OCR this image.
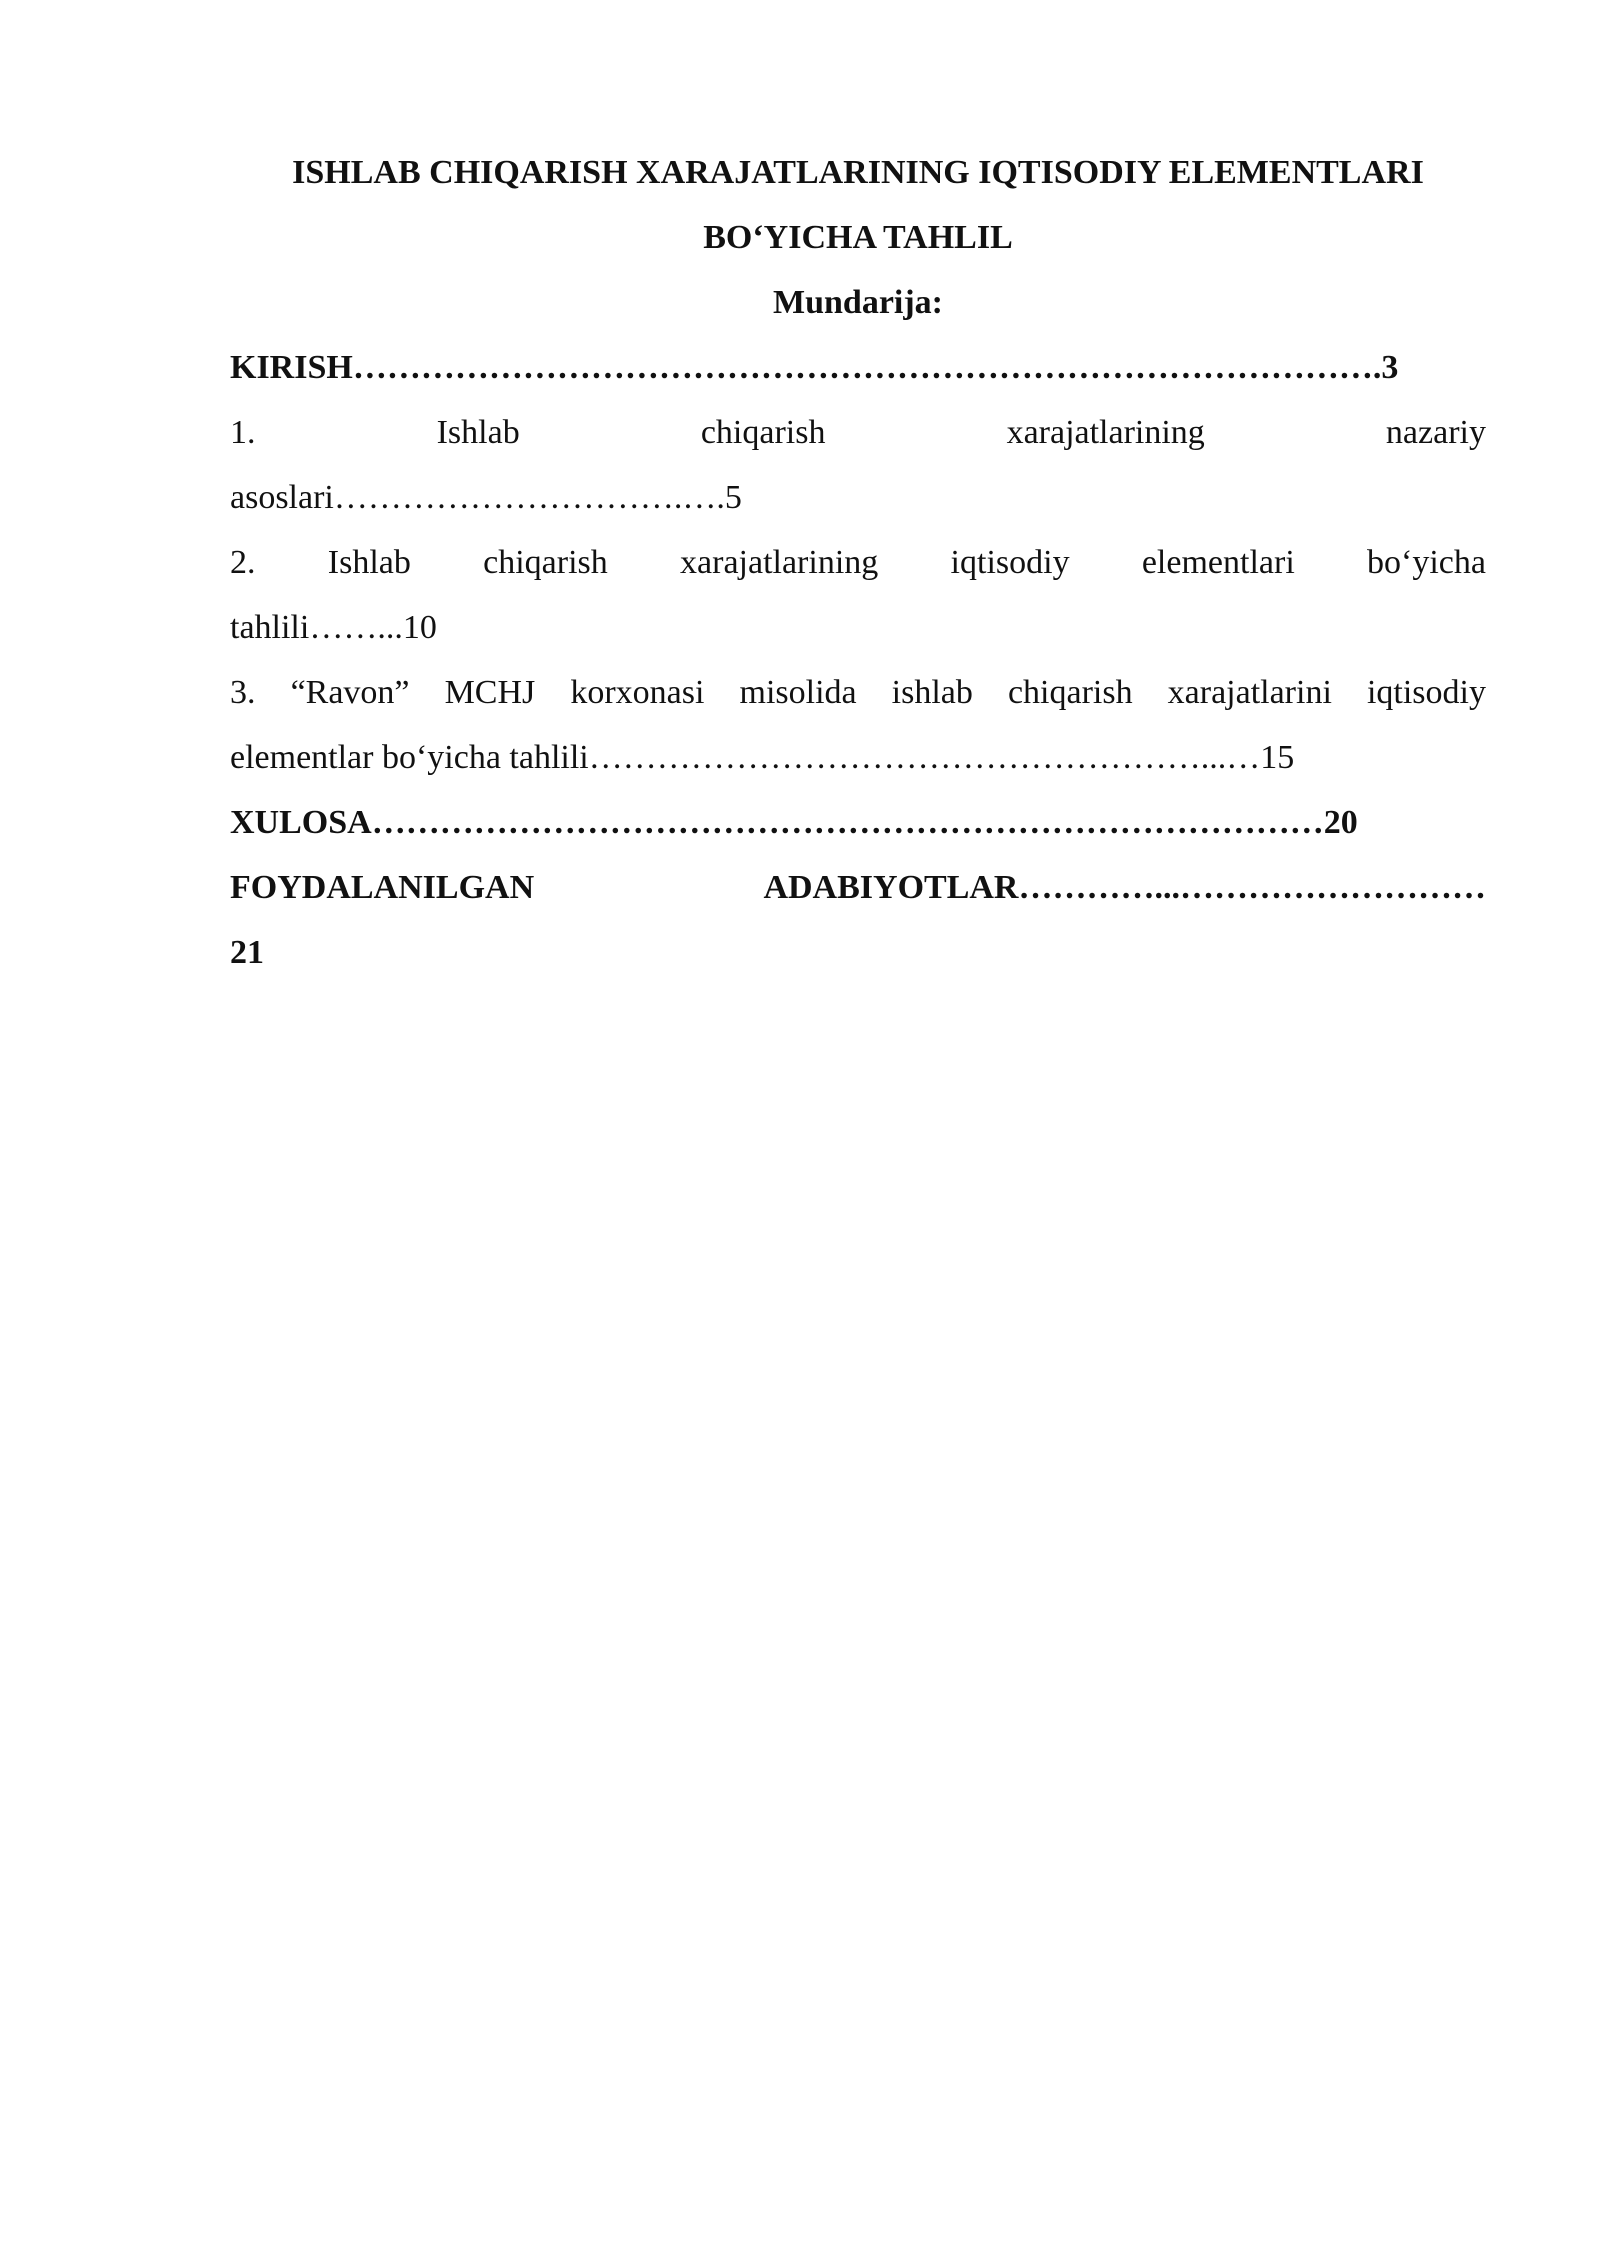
ISHLAB CHIQARISH XARAJATLARINING IQTISODIY ELEMENTLARI
BO‘YICHA TAHLIL

Mundarija:

KIRISH……………………………………………………………………………….3

1.	Ishlab	chiqarish	xarajatlarining	nazariy

asoslari………………………….….5

2. Ishlab chiqarish xarajatlarining iqtisodiy elementlari bo‘yicha

tahlili……...10

3. “Ravon” MCHJ korxonasi misolida ishlab chiqarish xarajatlarini iqtisodiy

elementlar bo‘yicha tahlili………………………………………………...…15

XULOSA…………………………………………………………………………20

FOYDALANILGAN	ADABIYOTLAR…………...………………………

21
